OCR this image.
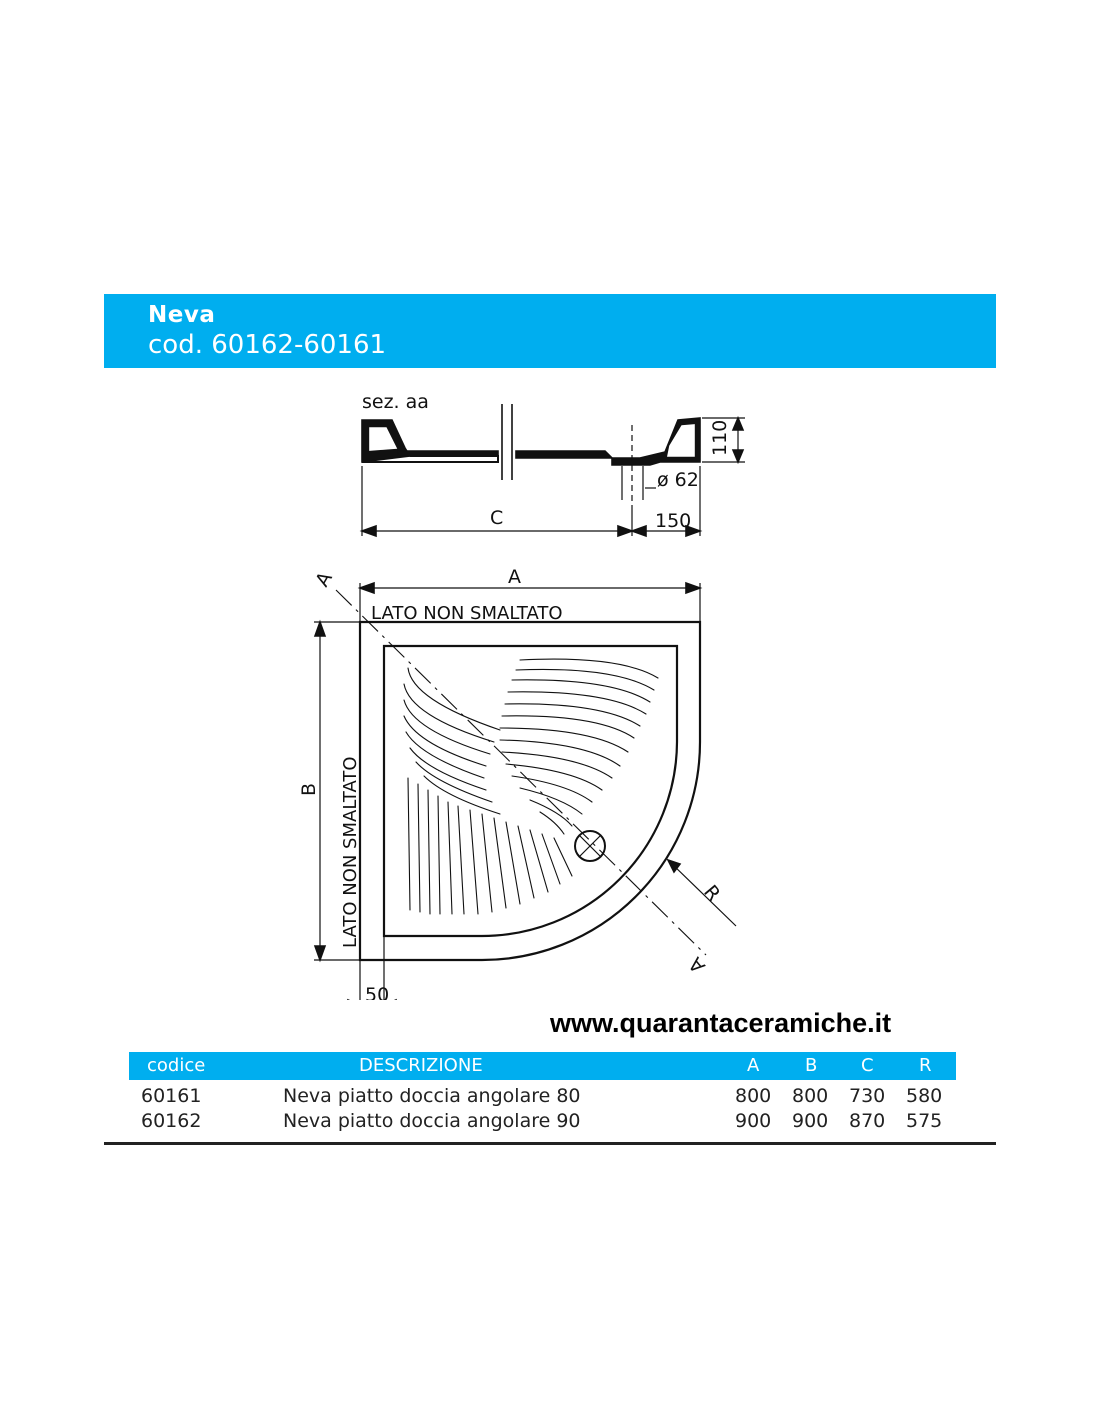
Neva
cod. 60162-60161
sez. aa
110
ø 62
C	150
A
A
LATO NON SMALTATO
LATO NON SMALTATO
B
R
A
50
www.quarantaceramiche.it
codice	DESCRIZIONE	A	B C	R
60161	Neva piatto doccia angolare 80	800 800 730 580
60162	Neva piatto doccia angolare 90	900 900 870 575
